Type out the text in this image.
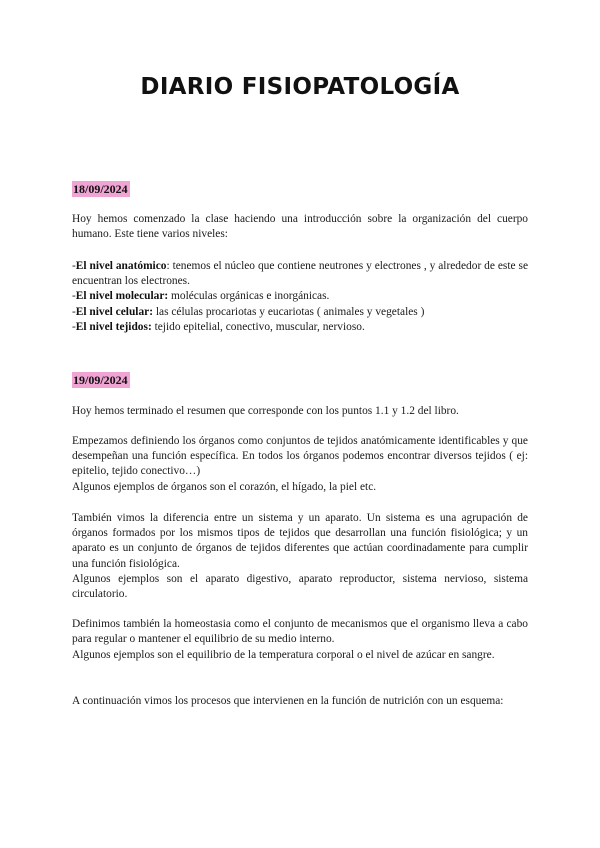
DIARIO FISIOPATOLOGÍA
18/09/2024

Hoy hemos comenzado la clase haciendo una introducción sobre la organización del cuerpo humano. Este tiene varios niveles:

-El nivel anatómico: tenemos el núcleo que contiene neutrones y electrones , y alrededor de este se encuentran los electrones.
-El nivel molecular: moléculas orgánicas e inorgánicas.
-El nivel celular: las células procariotas y eucariotas ( animales y vegetales )
-El nivel tejidos: tejido epitelial, conectivo, muscular, nervioso.
19/09/2024

Hoy hemos terminado el resumen que corresponde con los puntos 1.1 y 1.2 del libro.

Empezamos definiendo los órganos como conjuntos de tejidos anatómicamente identificables y que desempeñan una función específica. En todos los órganos podemos encontrar diversos tejidos ( ej: epitelio, tejido conectivo…)

Algunos ejemplos de órganos son el corazón, el hígado, la piel etc.

También vimos la diferencia entre un sistema y un aparato. Un sistema es una agrupación de órganos formados por los mismos tipos de tejidos que desarrollan una función fisiológica; y un aparato es un conjunto de órganos de tejidos diferentes que actúan coordinadamente para cumplir una función fisiológica.

Algunos ejemplos son el aparato digestivo, aparato reproductor, sistema nervioso, sistema circulatorio.

Definimos también la homeostasia como el conjunto de mecanismos que el organismo lleva a cabo para regular o mantener el equilibrio de su medio interno.

Algunos ejemplos son el equilibrio de la temperatura corporal o el nivel de azúcar en sangre.

A continuación vimos los procesos que intervienen en la función de nutrición con un esquema:
